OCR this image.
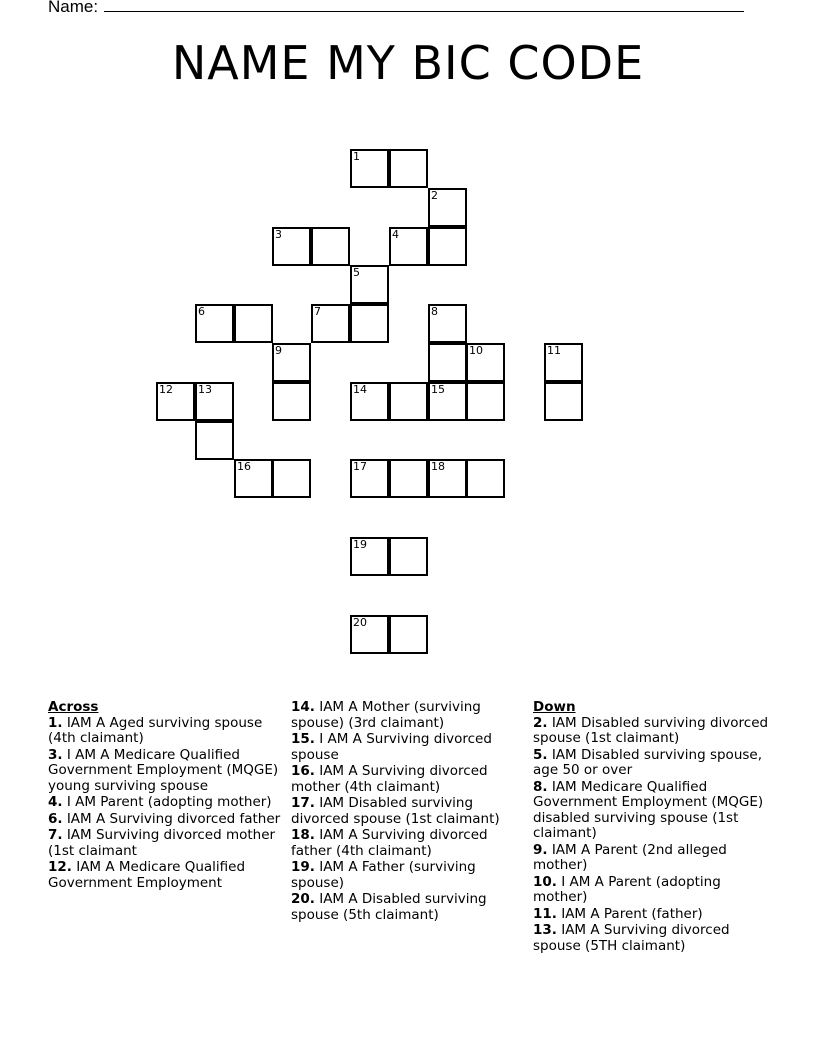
Name:
NAME MY BIC CODE
1
2
3	4
5
6	7	8
9	10	11
12 13	14	15
16	17	18
19
20
Across
1. IAM A Aged surviving spouse (4th claimant)
3. I AM A Medicare Qualified Government Employment (MQGE) young surviving spouse
4. I AM Parent (adopting mother)
6. IAM A Surviving divorced father
7. IAM Surviving divorced mother (1st claimant
12. IAM A Medicare Qualified Government Employment
14. IAM A Mother (surviving spouse) (3rd claimant)
15. I AM A Surviving divorced spouse
16. IAM A Surviving divorced mother (4th claimant)
17. IAM Disabled surviving divorced spouse (1st claimant)
18. IAM A Surviving divorced father (4th claimant)
19. IAM A Father (surviving spouse)
20. IAM A Disabled surviving spouse (5th claimant)
Down
2. IAM Disabled surviving divorced spouse (1st claimant)
5. IAM Disabled surviving spouse, age 50 or over
8. IAM Medicare Qualified Government Employment (MQGE) disabled surviving spouse (1st claimant)
9. IAM A Parent (2nd alleged mother)
10. I AM A Parent (adopting mother)
11. IAM A Parent (father)
13. IAM A Surviving divorced spouse (5TH claimant)
